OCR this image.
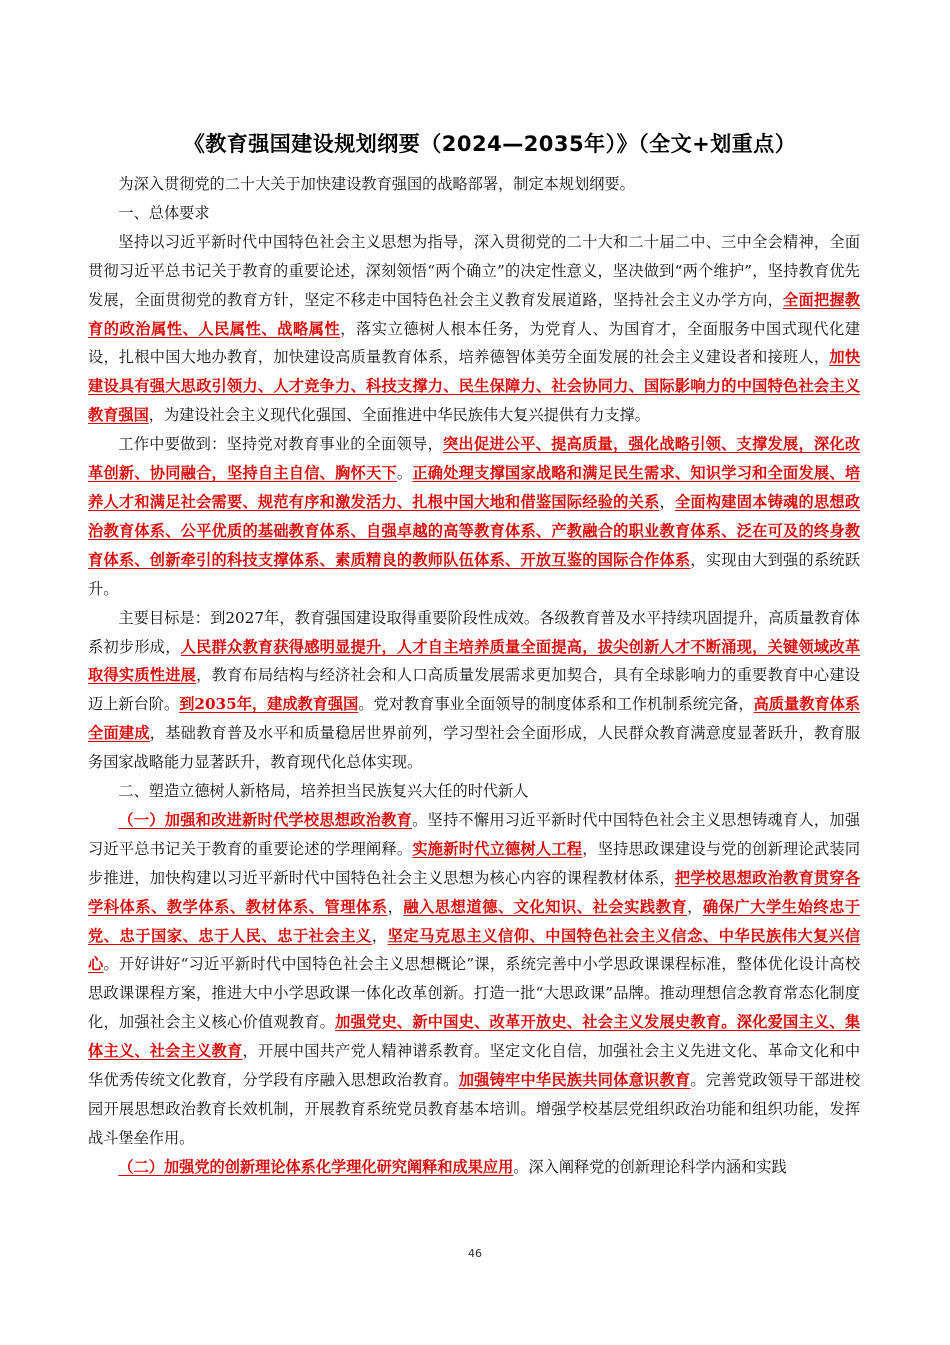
《教育强国建设规划纲要（2024—2035年）》（全文+划重点）

为深入贯彻党的二十大关于加快建设教育强国的战略部署，制定本规划纲要。

一、总体要求

坚持以习近平新时代中国特色社会主义思想为指导，深入贯彻党的二十大和二十届二中、三中全会精神，全面贯彻习近平总书记关于教育的重要论述，深刻领悟“两个确立”的决定性意义，坚决做到“两个维护”，坚持教育优先发展，全面贯彻党的教育方针，坚定不移走中国特色社会主义教育发展道路，坚持社会主义办学方向，全面把握教育的政治属性、人民属性、战略属性，落实立德树人根本任务，为党育人、为国育才，全面服务中国式现代化建设，扎根中国大地办教育，加快建设高质量教育体系，培养德智体美劳全面发展的社会主义建设者和接班人，加快建设具有强大思政引领力、人才竞争力、科技支撑力、民生保障力、社会协同力、国际影响力的中国特色社会主义教育强国，为建设社会主义现代化强国、全面推进中华民族伟大复兴提供有力支撑。

工作中要做到：坚持党对教育事业的全面领导，突出促进公平、提高质量，强化战略引领、支撑发展，深化改革创新、协同融合，坚持自主自信、胸怀天下。正确处理支撑国家战略和满足民生需求、知识学习和全面发展、培养人才和满足社会需要、规范有序和激发活力、扎根中国大地和借鉴国际经验的关系，全面构建固本铸魂的思想政治教育体系、公平优质的基础教育体系、自强卓越的高等教育体系、产教融合的职业教育体系、泛在可及的终身教育体系、创新牵引的科技支撑体系、素质精良的教师队伍体系、开放互鉴的国际合作体系，实现由大到强的系统跃升。

主要目标是：到2027年，教育强国建设取得重要阶段性成效。各级教育普及水平持续巩固提升，高质量教育体系初步形成，人民群众教育获得感明显提升，人才自主培养质量全面提高，拔尖创新人才不断涌现，关键领域改革取得实质性进展，教育布局结构与经济社会和人口高质量发展需求更加契合，具有全球影响力的重要教育中心建设迈上新台阶。到2035年，建成教育强国。党对教育事业全面领导的制度体系和工作机制系统完备，高质量教育体系全面建成，基础教育普及水平和质量稳居世界前列，学习型社会全面形成，人民群众教育满意度显著跃升，教育服务国家战略能力显著跃升，教育现代化总体实现。

二、塑造立德树人新格局，培养担当民族复兴大任的时代新人

（一）加强和改进新时代学校思想政治教育。坚持不懈用习近平新时代中国特色社会主义思想铸魂育人，加强习近平总书记关于教育的重要论述的学理阐释。实施新时代立德树人工程，坚持思政课建设与党的创新理论武装同步推进，加快构建以习近平新时代中国特色社会主义思想为核心内容的课程教材体系，把学校思想政治教育贯穿各学科体系、教学体系、教材体系、管理体系，融入思想道德、文化知识、社会实践教育，确保广大学生始终忠于党、忠于国家、忠于人民、忠于社会主义，坚定马克思主义信仰、中国特色社会主义信念、中华民族伟大复兴信心。开好讲好“习近平新时代中国特色社会主义思想概论”课，系统完善中小学思政课课程标准，整体优化设计高校思政课课程方案，推进大中小学思政课一体化改革创新。打造一批“大思政课”品牌。推动理想信念教育常态化制度化，加强社会主义核心价值观教育。加强党史、新中国史、改革开放史、社会主义发展史教育。深化爱国主义、集体主义、社会主义教育，开展中国共产党人精神谱系教育。坚定文化自信，加强社会主义先进文化、革命文化和中华优秀传统文化教育，分学段有序融入思想政治教育。加强铸牢中华民族共同体意识教育。完善党政领导干部进校园开展思想政治教育长效机制，开展教育系统党员教育基本培训。增强学校基层党组织政治功能和组织功能，发挥战斗堡垒作用。

（二）加强党的创新理论体系化学理化研究阐释和成果应用。深入阐释党的创新理论科学内涵和实践

46
